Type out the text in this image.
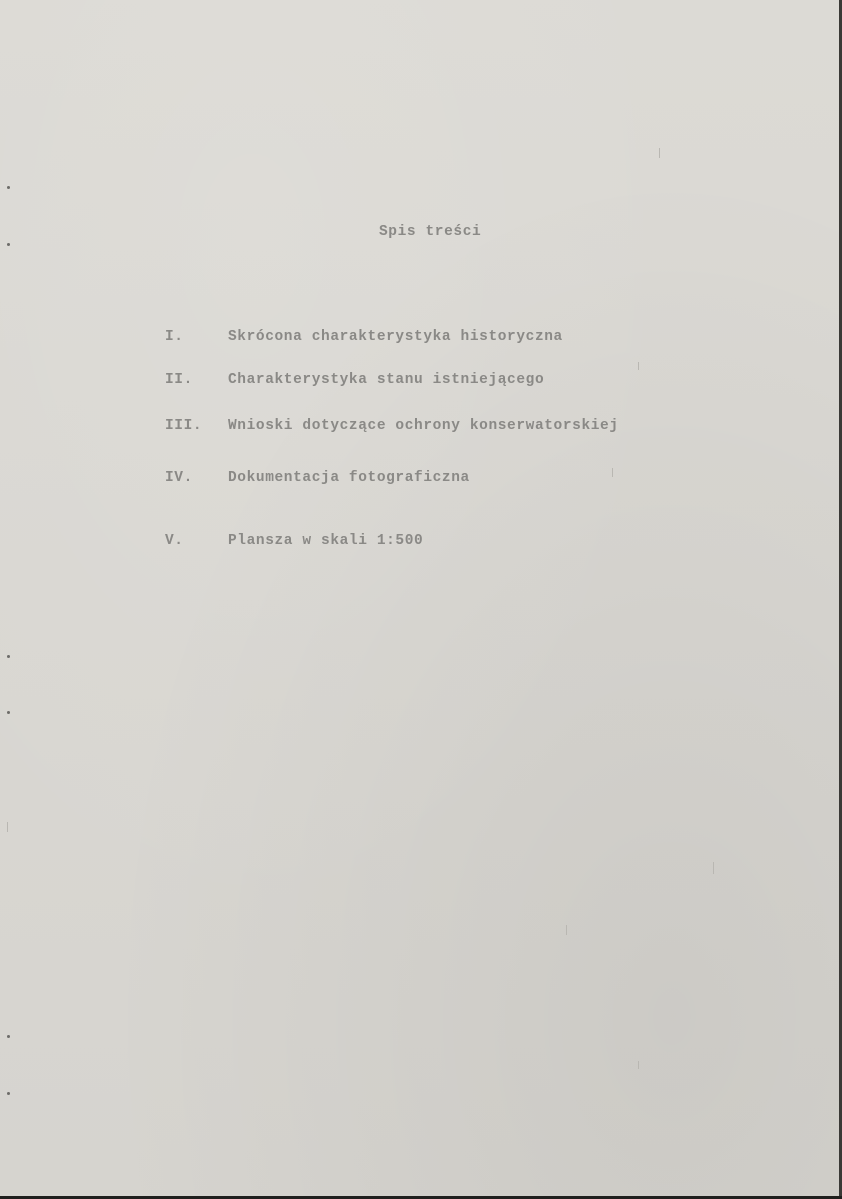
Spis treści
I.	Skrócona charakterystyka historyczna
II. Charakterystyka stanu istniejącego
III. Wnioski dotyczące ochrony konserwatorskiej
IV. Dokumentacja fotograficzna
V.	Plansza w skali 1:500
